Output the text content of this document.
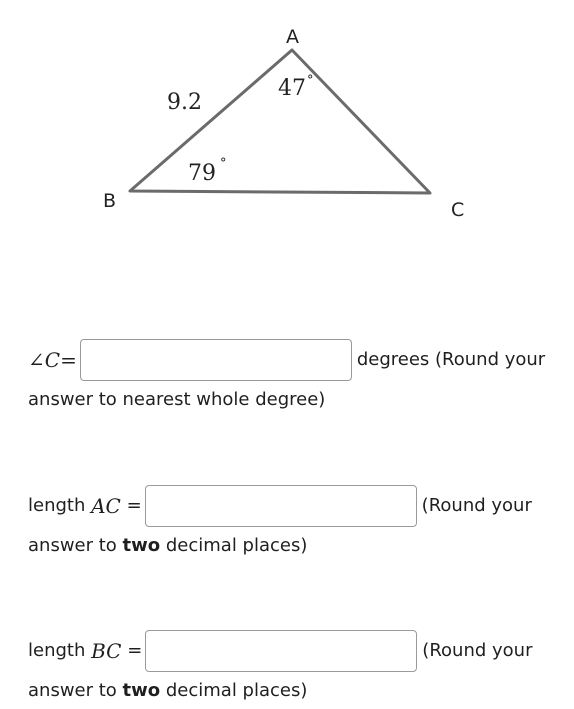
A
B	C
9.2
47 °
79 °
∠ C =	degrees (Round your
answer to nearest whole degree)
length AC =	(Round your
answer to two decimal places)
length BC =	(Round your
answer to two decimal places)
